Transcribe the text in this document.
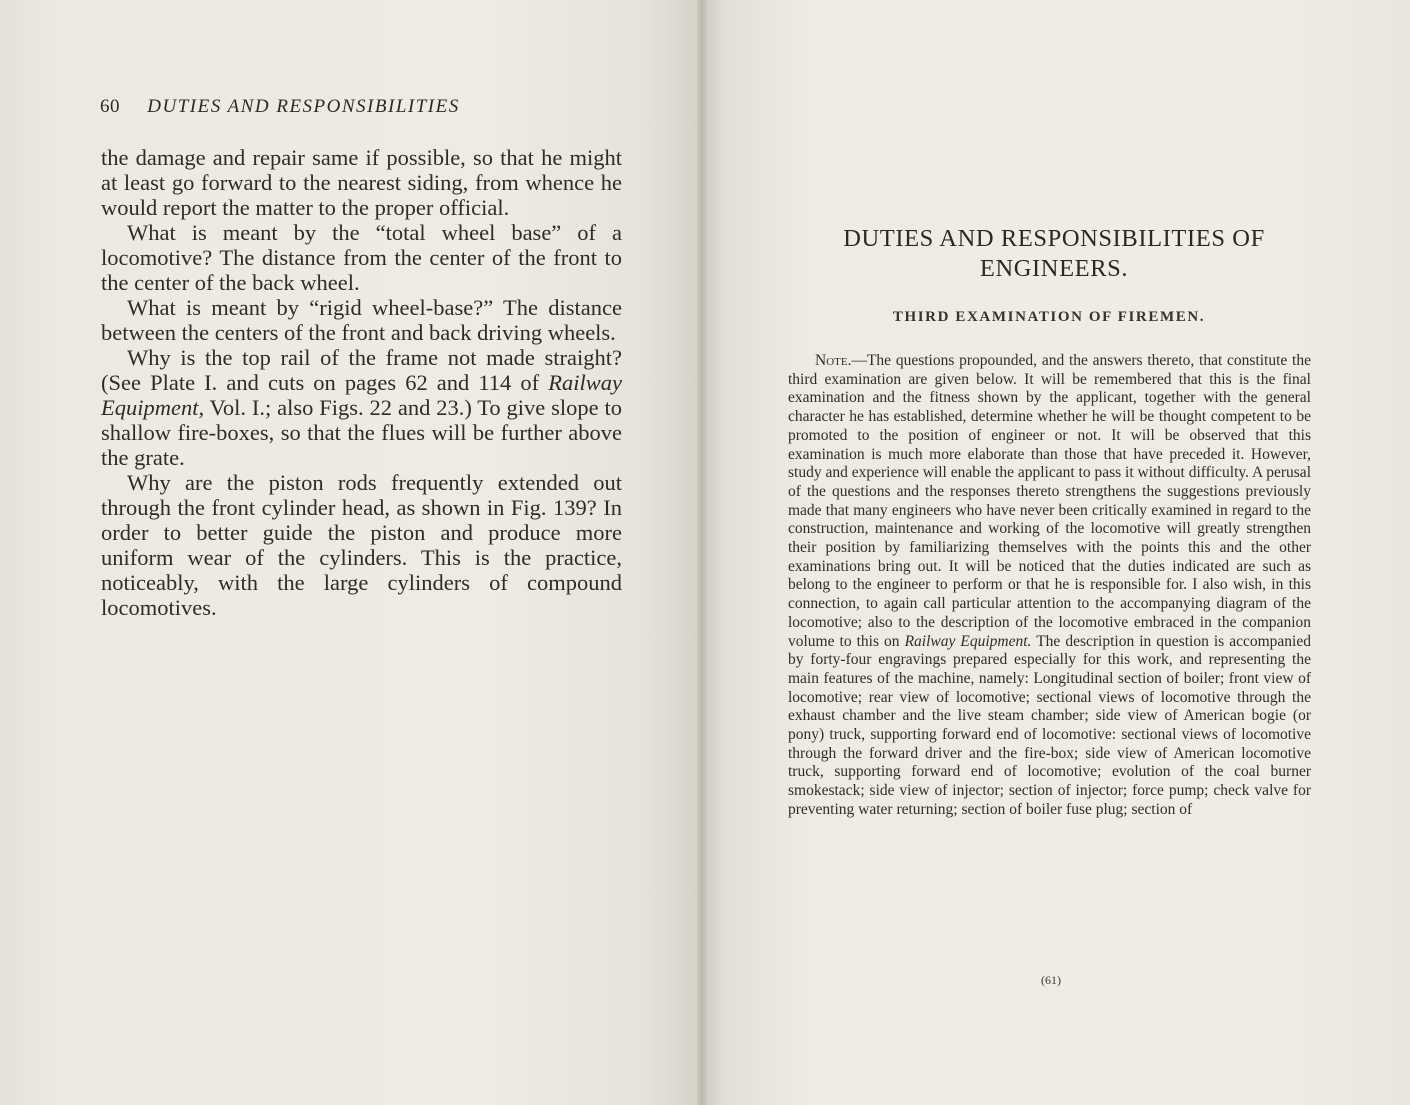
60 DUTIES AND RESPONSIBILITIES

the damage and repair same if possible, so that he might at least go forward to the nearest siding, from whence he would report the matter to the proper official.

What is meant by the “total wheel base” of a locomotive? The distance from the center of the front to the center of the back wheel.

What is meant by “rigid wheel-base?” The distance between the centers of the front and back driving wheels.

Why is the top rail of the frame not made straight? (See Plate I. and cuts on pages 62 and 114 of Railway Equipment, Vol. I.; also Figs. 22 and 23.) To give slope to shallow fire-boxes, so that the flues will be further above the grate.

Why are the piston rods frequently extended out through the front cylinder head, as shown in Fig. 139? In order to better guide the piston and produce more uniform wear of the cylinders. This is the practice, noticeably, with the large cylinders of compound locomotives.

DUTIES AND RESPONSIBILITIES OF
ENGINEERS.
THIRD EXAMINATION OF FIREMEN.

Note.—The questions propounded, and the answers thereto, that constitute the third examination are given below. It will be remembered that this is the final examination and the fitness shown by the applicant, together with the general character he has established, determine whether he will be thought competent to be promoted to the position of engineer or not. It will be observed that this examination is much more elaborate than those that have preceded it. However, study and experience will enable the applicant to pass it without difficulty. A perusal of the questions and the responses thereto strengthens the suggestions previously made that many engineers who have never been critically examined in regard to the construction, maintenance and working of the locomotive will greatly strengthen their position by familiarizing themselves with the points this and the other examinations bring out. It will be noticed that the duties indicated are such as belong to the engineer to perform or that he is responsible for. I also wish, in this connection, to again call particular attention to the accompanying diagram of the locomotive; also to the description of the locomotive embraced in the companion volume to this on Railway Equipment. The description in question is accompanied by forty-four engravings prepared especially for this work, and representing the main features of the machine, namely: Longitudinal section of boiler; front view of locomotive; rear view of locomotive; sectional views of locomotive through the exhaust chamber and the live steam chamber; side view of American bogie (or pony) truck, supporting forward end of locomotive: sectional views of locomotive through the forward driver and the fire-box; side view of American locomotive truck, supporting forward end of locomotive; evolution of the coal burner smokestack; side view of injector; section of injector; force pump; check valve for preventing water returning; section of boiler fuse plug; section of

(61)
